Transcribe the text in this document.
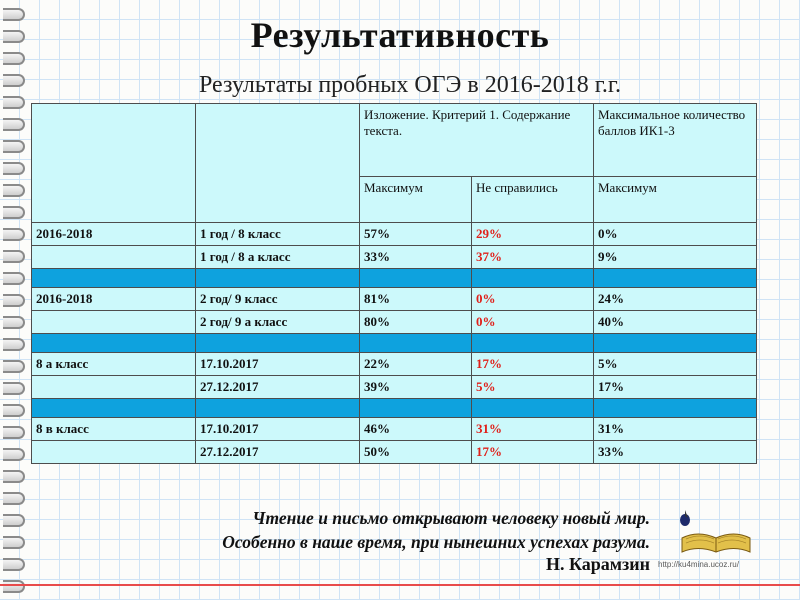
Результативность
Результаты пробных ОГЭ в 2016-2018 г.г.
		Изложение. Критерий 1. Содержание текста.		Максимальное количество баллов ИК1-3
		Максимум	Не справились	Максимум
2016-2018	1 год / 8 класс	57%	29%	0%
	1 год / 8 а класс	33%	37%	9%

2016-2018	2 год/ 9 класс	81%	0%	24%
	2 год/ 9 а класс	80%	0%	40%

8 а класс	17.10.2017	22%	17%	5%
	27.12.2017	39%	5%	17%

8 в класс	17.10.2017	46%	31%	31%
	27.12.2017	50%	17%	33%
Чтение и письмо открывают человеку новый мир.
Особенно в наше время, при нынешних успехах разума.
Н. Карамзин http://ku4mina.ucoz.ru/
